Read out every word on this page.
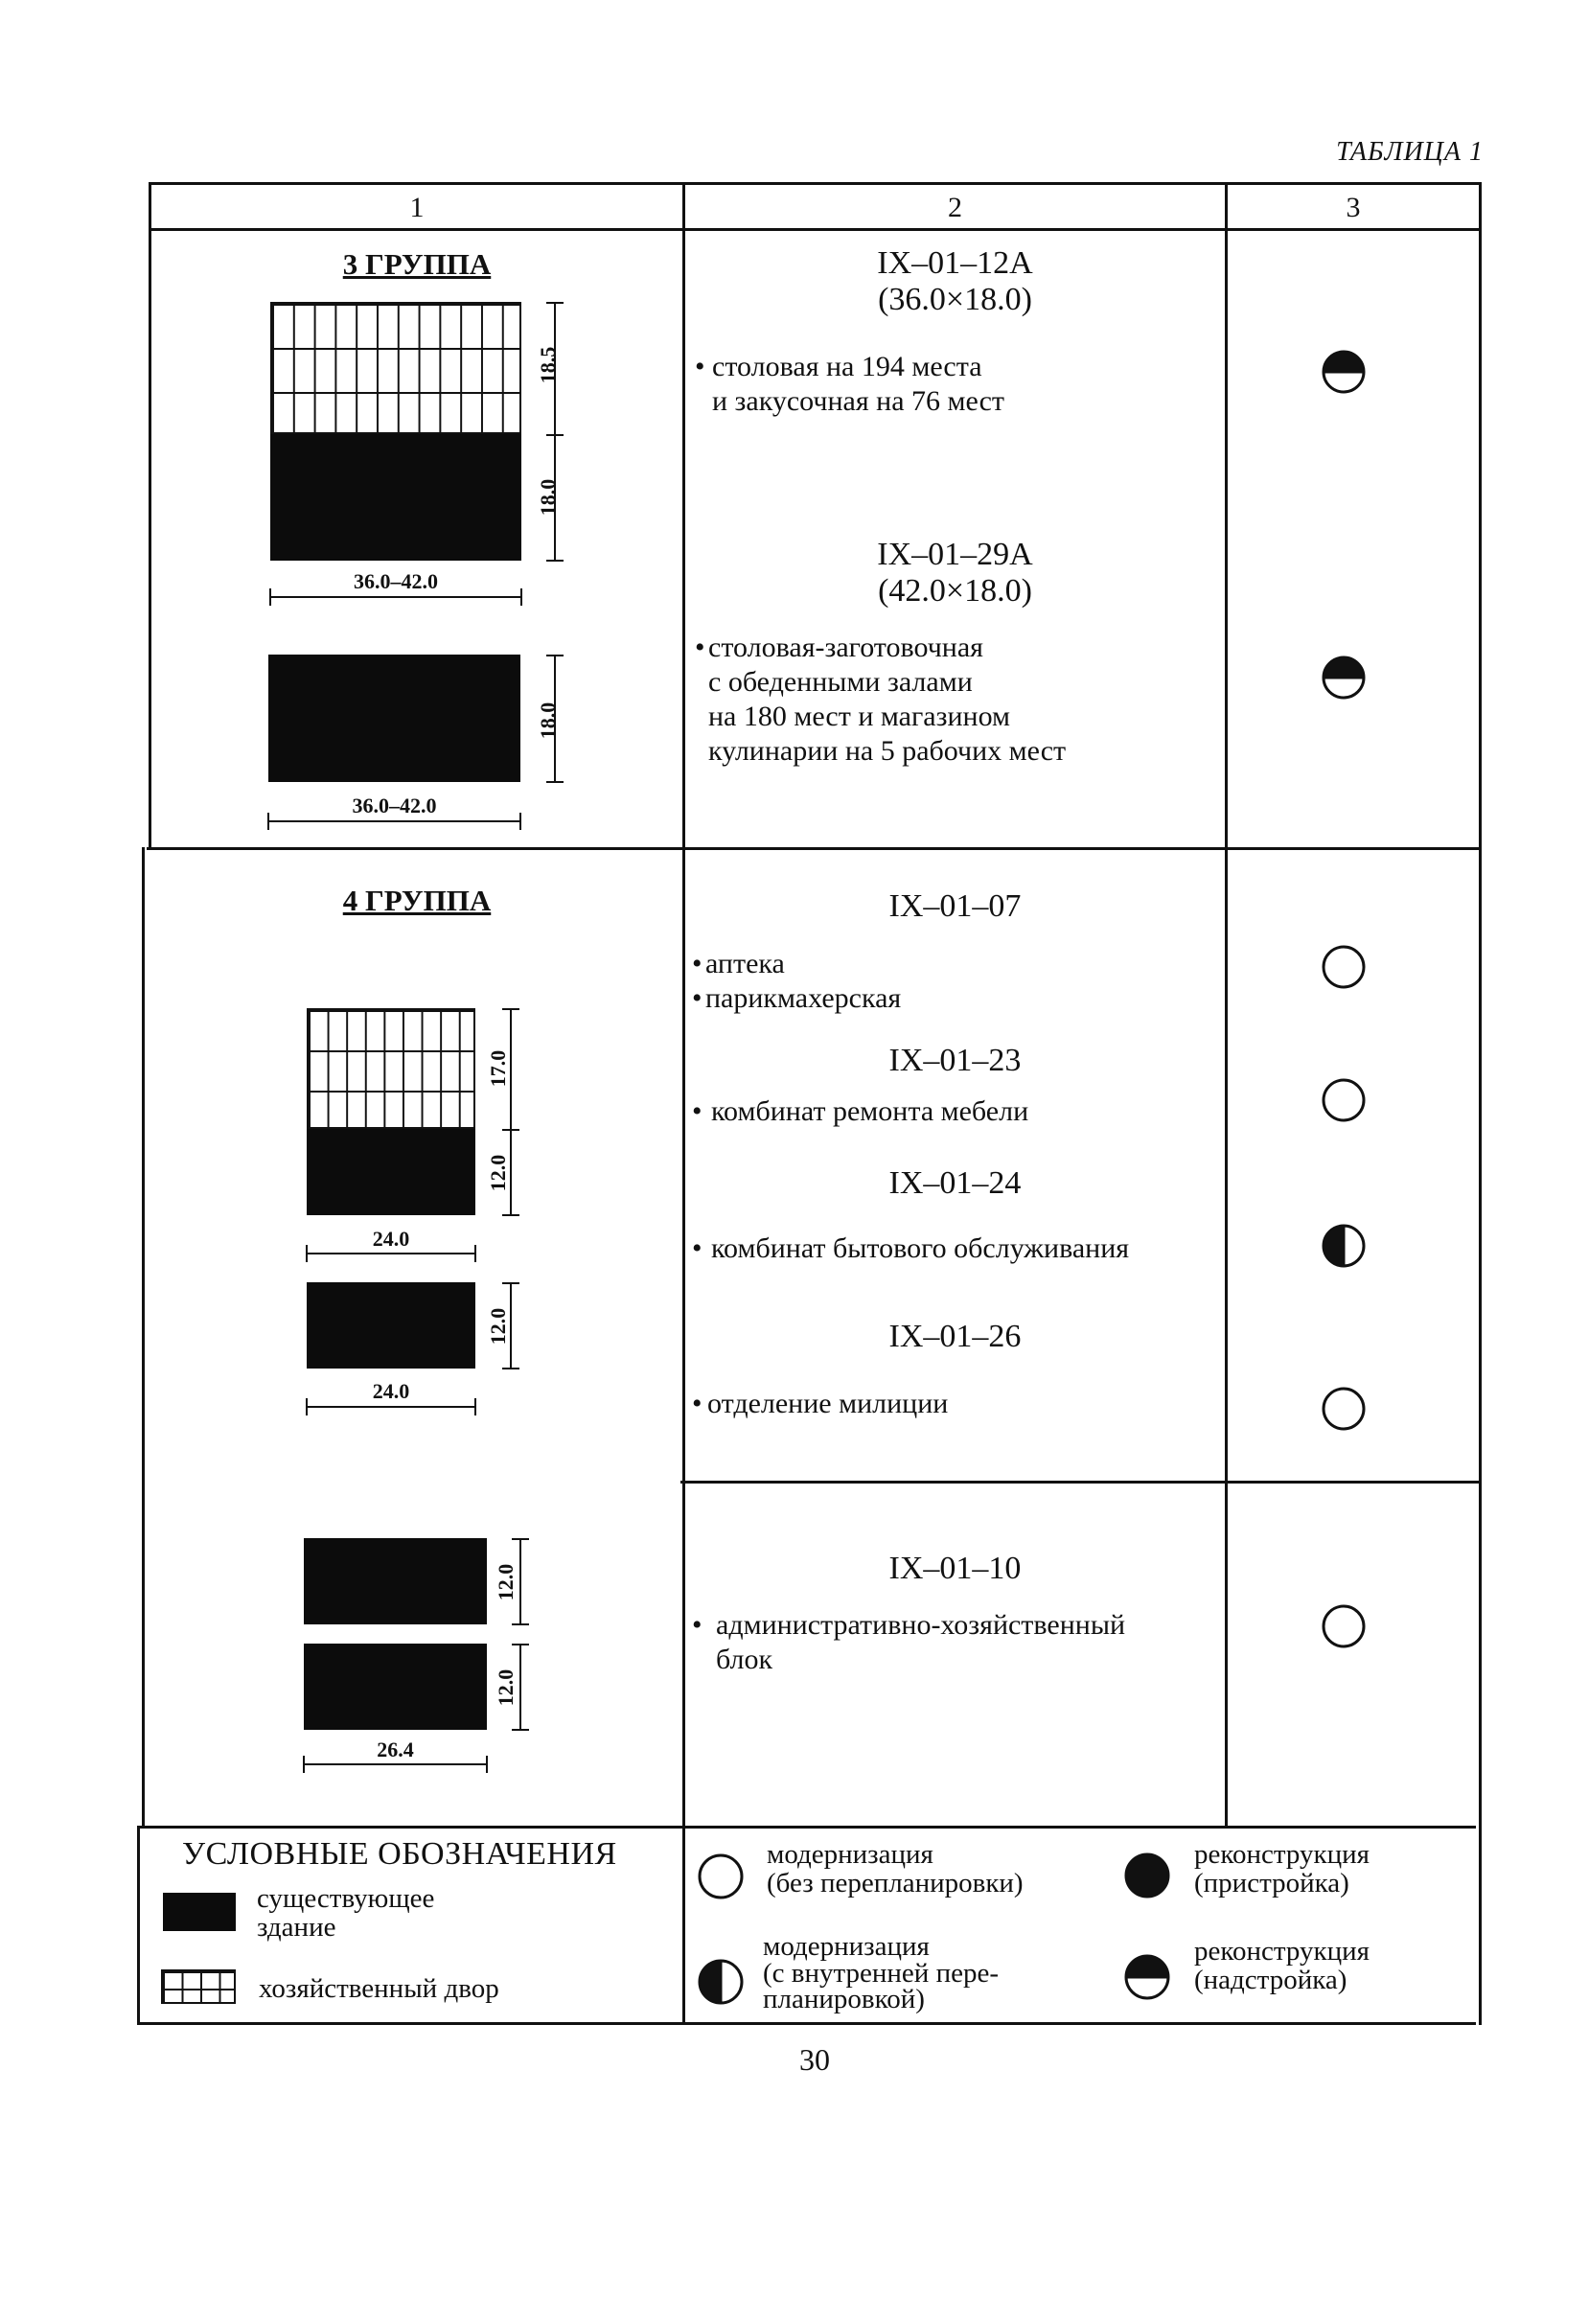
ТАБЛИЦА 1
1	2	3
3 ГРУППА
18.5
18.0
36.0–42.0
18.0
36.0–42.0
IX–01–12A
(36.0×18.0)
• столовая на 194 места
и закусочная на 76 мест
IX–01–29A
(42.0×18.0)
• столовая-заготовочная
с обеденными залами
на 180 мест и магазином
кулинарии на 5 рабочих мест
4 ГРУППА
17.0
12.0
24.0
12.0
24.0
12.0
12.0
26.4
IX–01–07
•
•
аптека
парикмахерская
IX–01–23
• комбинат ремонта мебели
IX–01–24
• комбинат бытового обслуживания
IX–01–26
• отделение милиции
IX–01–10
• административно-хозяйственный
блок
УСЛОВНЫЕ ОБОЗНАЧЕНИЯ
существующее
здание
хозяйственный двор
модернизация
(без перепланировки)
модернизация
(с внутренней пере-
планировкой)
реконструкция
(пристройка)
реконструкция
(надстройка)
30
